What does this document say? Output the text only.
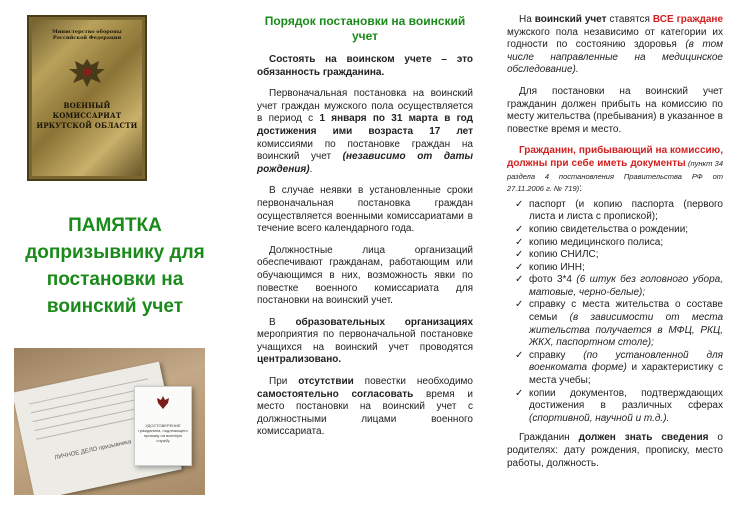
Министерство обороны Российской Федерации
ВОЕННЫЙ КОМИССАРИАТ ИРКУТСКОЙ ОБЛАСТИ
ПАМЯТКА допризывнику для постановки на воинский учет
ЛИЧНОЕ ДЕЛО призывника
УДОСТОВЕРЕНИЕ гражданина, подлежащего призыву на военную службу
Порядок постановки на воинский учет

Состоять на воинском учете – это обязанность гражданина.

Первоначальная постановка на воинский учет граждан мужского пола осуществляется в период с 1 января по 31 марта в год достижения ими возраста 17 лет комиссиями по постановке граждан на воинский учет (независимо от даты рождения).

В случае неявки в установленные сроки первоначальная постановка граждан осуществляется военными комиссариатами в течение всего календарного года.

Должностные лица организаций обеспечивают гражданам, работающим или обучающимся в них, возможность явки по повестке военного комиссариата для постановки на воинский учет.

В образовательных организациях мероприятия по первоначальной постановке учащихся на воинский учет проводятся централизовано.

При отсутствии повестки необходимо самостоятельно согласовать время и место постановки на воинский учет с должностными лицами военного комиссариата.

На воинский учет ставятся ВСЕ граждане мужского пола независимо от категории их годности по состоянию здоровья (в том числе направленные на медицинское обследование).

Для постановки на воинский учет гражданин должен прибыть на комиссию по месту жительства (пребывания) в указанное в повестке время и место.

Гражданин, прибывающий на комиссию, должны при себе иметь документы (пункт 34 раздела 4 постановления Правительства РФ от 27.11.2006 г. № 719):

✓ паспорт (и копию паспорта (первого листа и листа с пропиской);
✓ копию свидетельства о рождении;
✓ копию медицинского полиса;
✓ копию СНИЛС;
✓ копию ИНН;
✓ фото 3*4 (6 штук без головного убора, матовые, черно-белые);
✓ справку с места жительства о составе семьи (в зависимости от места жительства получается в МФЦ, РКЦ, ЖКХ, паспортном столе);
✓ справку (по установленной для военкомата форме) и характеристику с места учебы;
✓ копии документов, подтверждающих достижения в различных сферах (спортивной, научной и т.д.).

Гражданин должен знать сведения о родителях: дату рождения, прописку, место работы, должность.
